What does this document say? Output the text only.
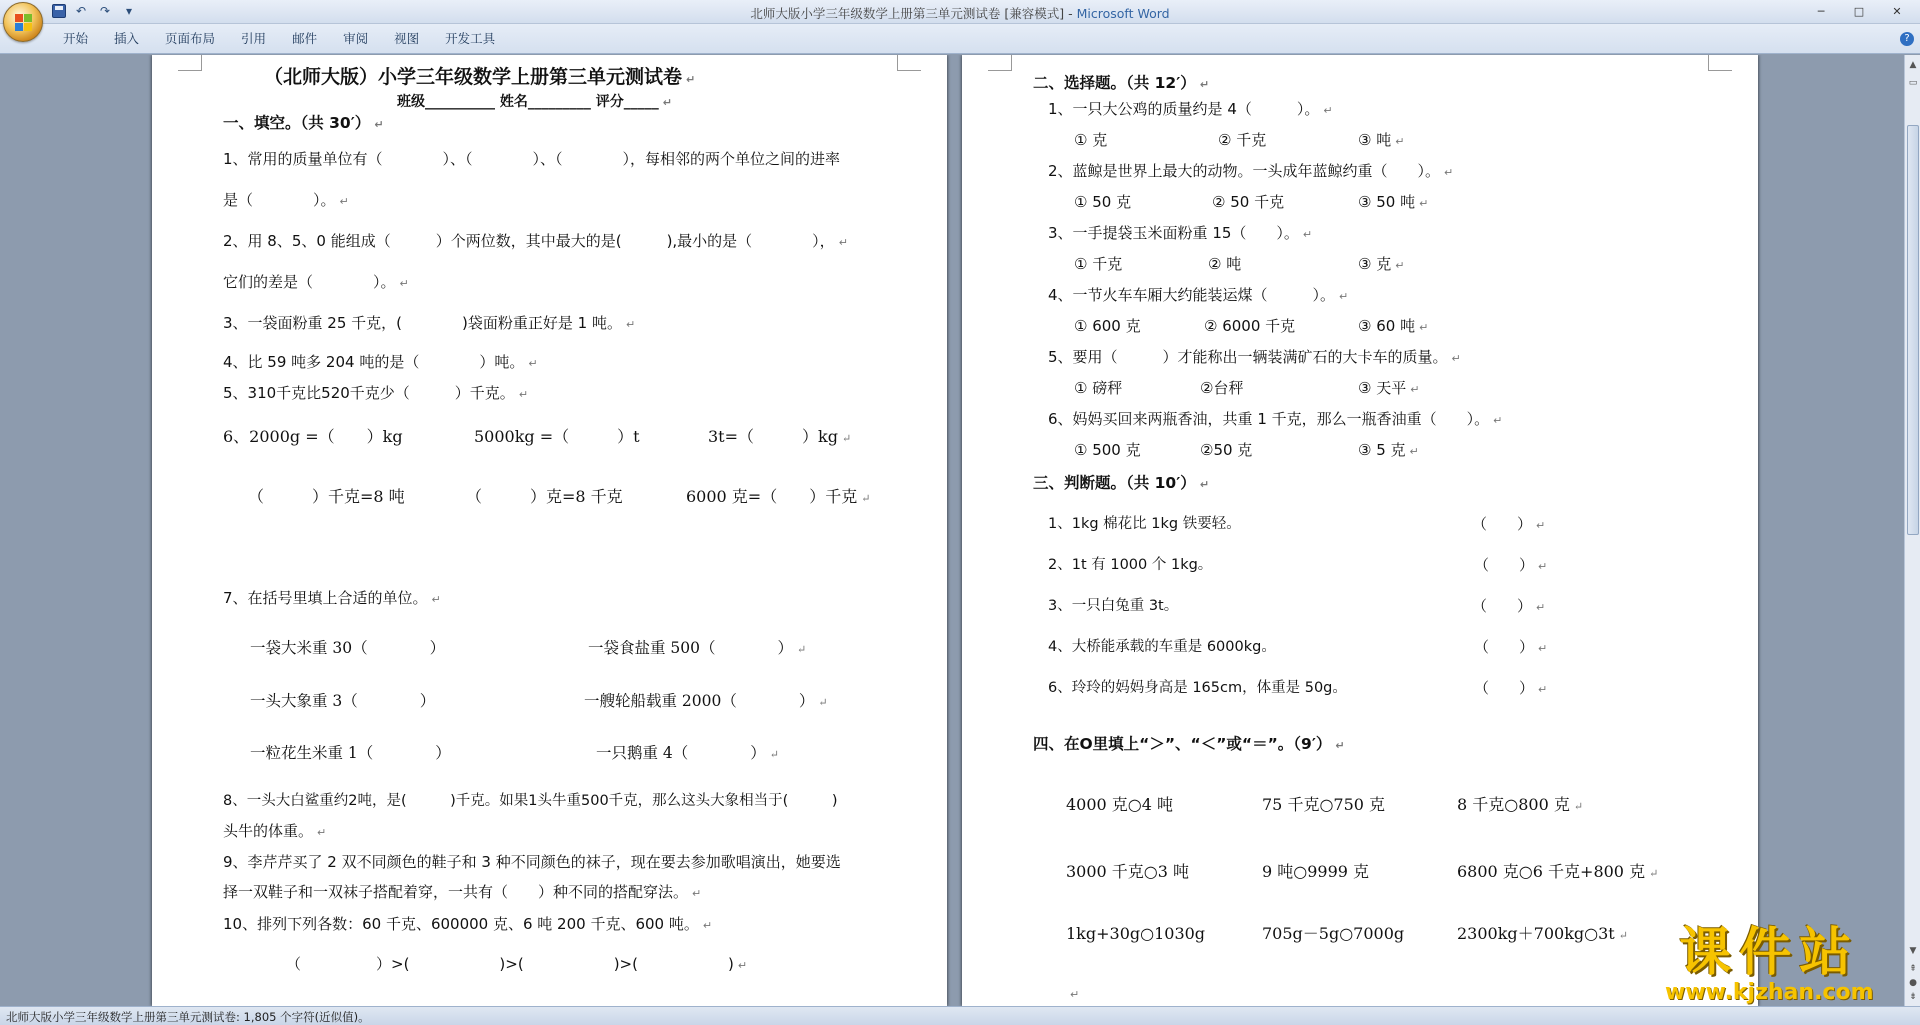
↶	↷	▾	北师大版小学三年级数学上册第三单元测试卷 [兼容模式] - Microsoft Word	─	□	✕
开始	插入	页面布局	引用	邮件	审阅	视图	开发工具	?
（北师大版）小学三年级数学上册第三单元测试卷 ↵
班级__________ 姓名_________ 评分_____ ↵
一、填空。（共 30′） ↵
1、常用的质量单位有（　　　　）、（　　　　）、（　　　　），每相邻的两个单位之间的进率
是（　　　　）。 ↵
2、用 8、5、0 能组成（　　　）个两位数，其中最大的是(　　　),最小的是（　　　　）， ↵
它们的差是（　　　　）。 ↵
3、一袋面粉重 25 千克，(　　　　)袋面粉重正好是 1 吨。 ↵
4、比 59 吨多 204 吨的是（　　　　）吨。 ↵
5、310千克比520千克少（　　　）千克。 ↵
6、2000g =（　　）kg	5000kg =（　　　）t	3t=（　　　）kg ↵
（　　　）千克=8 吨	（　　　）克=8 千克	6000 克=（　　）千克 ↵
7、在括号里填上合适的单位。 ↵
一袋大米重 30（　　　　）	一袋食盐重 500（　　　　） ↵
一头大象重 3（　　　　）	一艘轮船载重 2000（　　　　） ↵
一粒花生米重 1（　　　　）	一只鹅重 4（　　　　） ↵
8、一头大白鲨重约2吨，是(　　　)千克。如果1头牛重500千克，那么这头大象相当于(　　　)
头牛的体重。 ↵
9、李芹芹买了 2 双不同颜色的鞋子和 3 种不同颜色的袜子，现在要去参加歌唱演出，她要选
择一双鞋子和一双袜子搭配着穿，一共有（　　）种不同的搭配穿法。 ↵
10、排列下列各数：60 千克、600000 克、6 吨 200 千克、600 吨。 ↵
（　　　　　）>(　　　　　　)>(　　　　　　)>(　　　　　　) ↵
二、选择题。（共 12′） ↵
1、一只大公鸡的质量约是 4（　　　）。 ↵
① 克	② 千克	③ 吨 ↵
2、蓝鲸是世界上最大的动物。一头成年蓝鲸约重（　　）。 ↵
① 50 克	② 50 千克	③ 50 吨 ↵
3、一手提袋玉米面粉重 15（　　）。 ↵
① 千克	② 吨	③ 克 ↵
4、一节火车车厢大约能装运煤（　　　）。 ↵
① 600 克	② 6000 千克	③ 60 吨 ↵
5、要用（　　　）才能称出一辆装满矿石的大卡车的质量。 ↵
① 磅秤	②台秤	③ 天平 ↵
6、妈妈买回来两瓶香油，共重 1 千克，那么一瓶香油重（　　）。 ↵
① 500 克	②50 克	③ 5 克 ↵
三、判断题。（共 10′） ↵
1、1kg 棉花比 1kg 铁要轻。	（　　） ↵
2、1t 有 1000 个 1kg。	（　　） ↵
3、一只白兔重 3t。	（　　） ↵
4、大桥能承载的车重是 6000kg。	（　　） ↵
6、玲玲的妈妈身高是 165cm，体重是 50g。	（　　） ↵
四、在O里填上“＞”、“＜”或“＝”。（9′） ↵
4000 克○4 吨	75 千克○750 克	8 千克○800 克 ↵
3000 千克○3 吨	9 吨○9999 克	6800 克○6 千克+800 克 ↵
1kg+30g○1030g	705g－5g○7000g	2300kg＋700kg○3t ↵
↵
▲
▭
▼
⇞
●
⇟
北师大版小学三年级数学上册第三单元测试卷: 1,805 个字符(近似值)。
课件站
www.kjzhan.com
